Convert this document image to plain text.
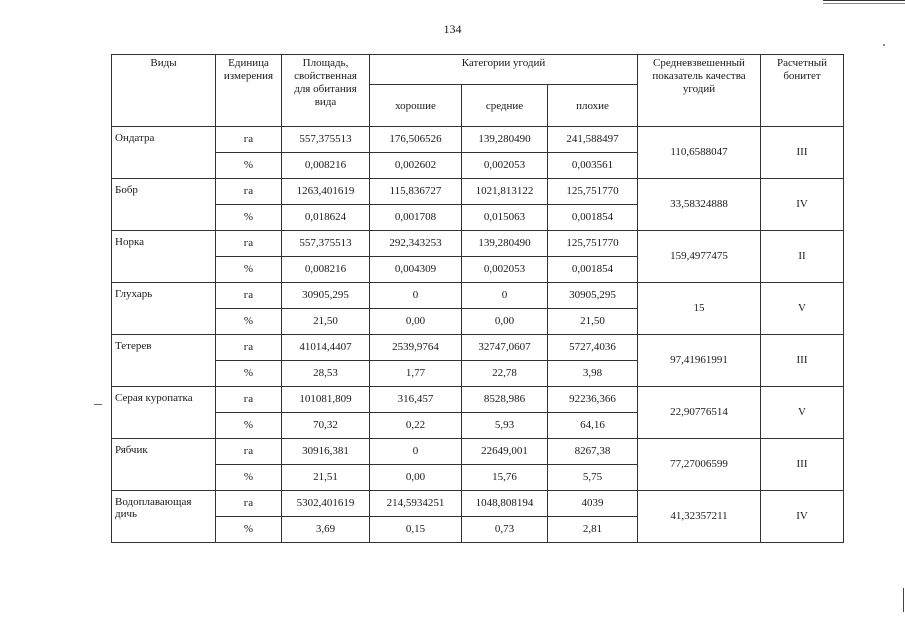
134
Виды	Единица измерения	Площадь, свойственная для обитания вида	Категории угодий			Средневзвешенный показатель качества угодий	Расчетный бонитет
			хорошие	средние	плохие		
Ондатра	га	557,375513	176,506526	139,280490	241,588497	110,6588047	III
	%	0,008216	0,002602	0,002053	0,003561		
Бобр	га	1263,401619	115,836727	1021,813122	125,751770	33,58324888	IV
	%	0,018624	0,001708	0,015063	0,001854		
Норка	га	557,375513	292,343253	139,280490	125,751770	159,4977475	II
	%	0,008216	0,004309	0,002053	0,001854		
Глухарь	га	30905,295	0	0	30905,295	15	V
	%	21,50	0,00	0,00	21,50		
Тетерев	га	41014,4407	2539,9764	32747,0607	5727,4036	97,41961991	III
	%	28,53	1,77	22,78	3,98		
Серая куропатка	га	101081,809	316,457	8528,986	92236,366	22,90776514	V
	%	70,32	0,22	5,93	64,16		
Рябчик	га	30916,381	0	22649,001	8267,38	77,27006599	III
	%	21,51	0,00	15,76	5,75		
Водоплавающая дичь	га	5302,401619	214,5934251	1048,808194	4039	41,32357211	IV
	%	3,69	0,15	0,73	2,81		
